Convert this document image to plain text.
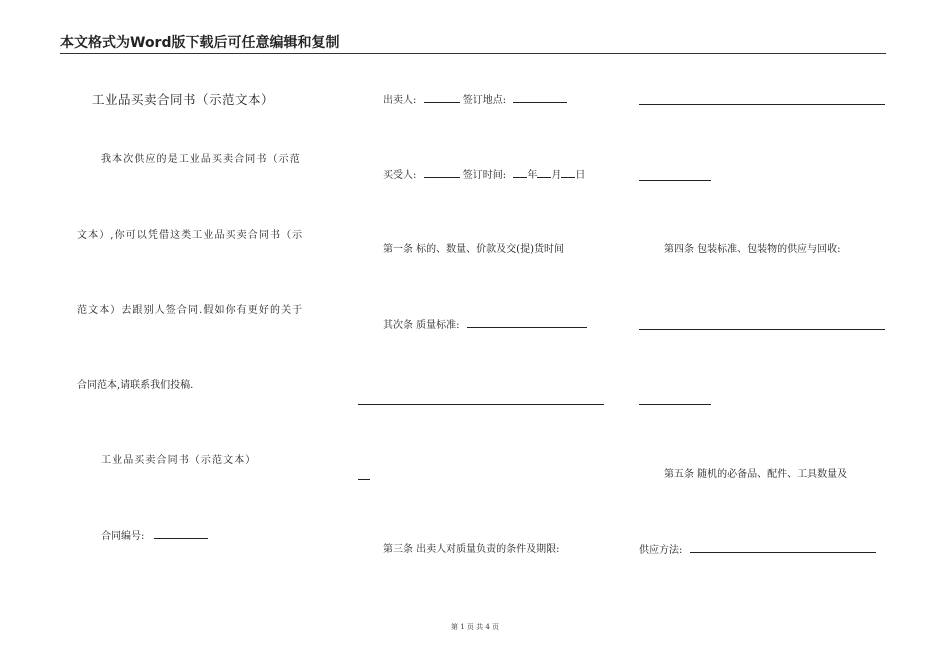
本文格式为Word版下载后可任意编辑和复制
工业品买卖合同书（示范文本）
我本次供应的是工业品买卖合同书（示范
文本）,你可以凭借这类工业品买卖合同书（示
范文本）去跟别人签合同.假如你有更好的关于
合同范本,请联系我们投稿.
工业品买卖合同书（示范文本）
合同编号:
出卖人:	签订地点:
买受人:	签订时间: 年 月 日
第一条 标的、数量、价款及交(提)货时间
其次条 质量标准:
第三条 出卖人对质量负责的条件及期限:
第四条 包装标准、包装物的供应与回收:
第五条 随机的必备品、配件、工具数量及
供应方法:
第 1 页 共 4 页
